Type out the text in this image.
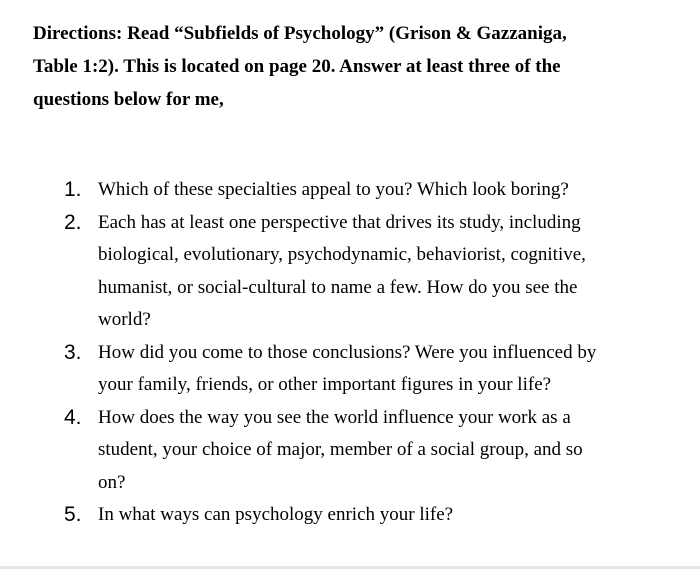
Directions: Read “Subfields of Psychology” (Grison & Gazzaniga,
Table 1:2). This is located on page 20. Answer at least three of the
questions below for me,

1. Which of these specialties appeal to you? Which look boring?
2. Each has at least one perspective that drives its study, including
biological, evolutionary, psychodynamic, behaviorist, cognitive,
humanist, or social-cultural to name a few. How do you see the
world?
3. How did you come to those conclusions? Were you influenced by
your family, friends, or other important figures in your life?
4. How does the way you see the world influence your work as a
student, your choice of major, member of a social group, and so
on?
5. In what ways can psychology enrich your life?
